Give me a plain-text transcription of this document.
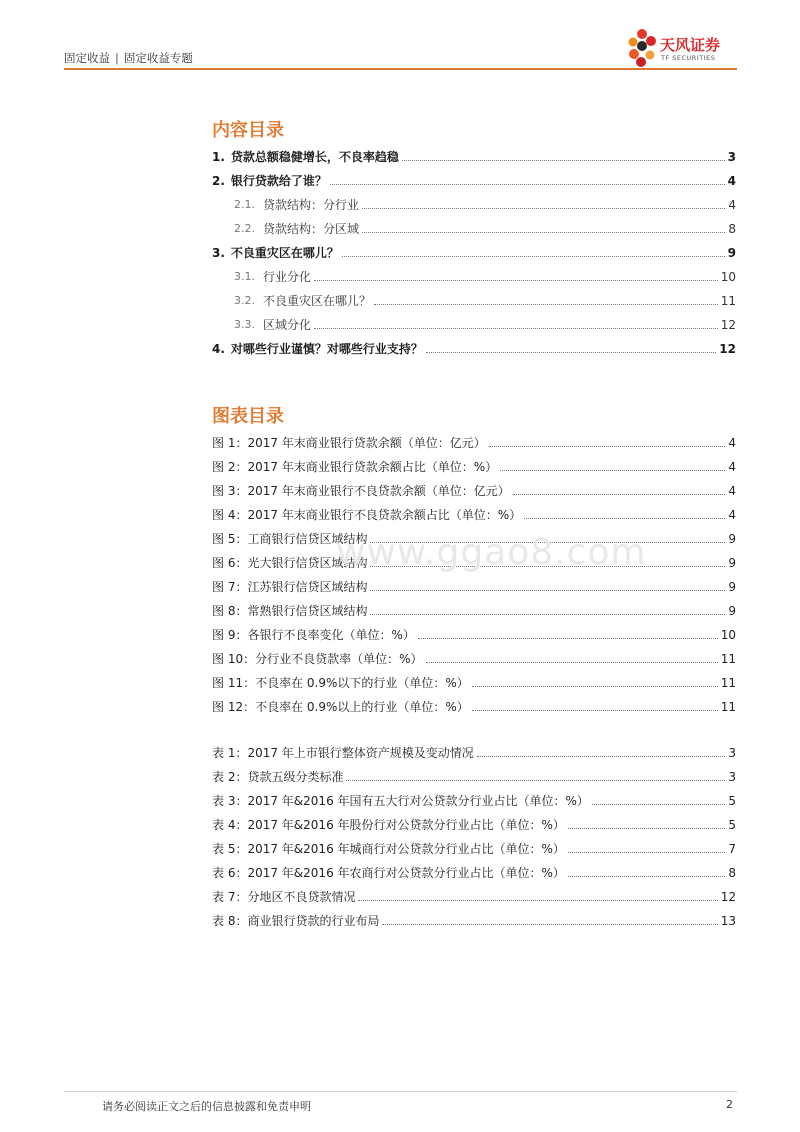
固定收益 | 固定收益专题
天风证券
TF SECURITIES
内容目录
1. 贷款总额稳健增长，不良率趋稳	3
2. 银行贷款给了谁？	4
2.1. 贷款结构：分行业	4
2.2. 贷款结构：分区域	8
3. 不良重灾区在哪儿？	9
3.1. 行业分化	10
3.2. 不良重灾区在哪儿？	11
3.3. 区域分化	12
4. 对哪些行业谨慎？对哪些行业支持？	12
图表目录
图 1：2017 年末商业银行贷款余额（单位：亿元）	4
图 2：2017 年末商业银行贷款余额占比（单位：%）	4
图 3：2017 年末商业银行不良贷款余额（单位：亿元）	4
图 4：2017 年末商业银行不良贷款余额占比（单位：%）	4
图 5：工商银行信贷区域结构	9
图 6：光大银行信贷区域结构	9
图 7：江苏银行信贷区域结构	9
图 8：常熟银行信贷区域结构	9
图 9：各银行不良率变化（单位：%）	10
图 10：分行业不良贷款率（单位：%）	11
图 11：不良率在 0.9%以下的行业（单位：%）	11
图 12：不良率在 0.9%以上的行业（单位：%）	11
表 1：2017 年上市银行整体资产规模及变动情况	3
表 2：贷款五级分类标准	3
表 3：2017 年&2016 年国有五大行对公贷款分行业占比（单位：%）	5
表 4：2017 年&2016 年股份行对公贷款分行业占比（单位：%）	5
表 5：2017 年&2016 年城商行对公贷款分行业占比（单位：%）	7
表 6：2017 年&2016 年农商行对公贷款分行业占比（单位：%）	8
表 7：分地区不良贷款情况	12
表 8：商业银行贷款的行业布局	13
www.ggao8.com
请务必阅读正文之后的信息披露和免责申明	2
